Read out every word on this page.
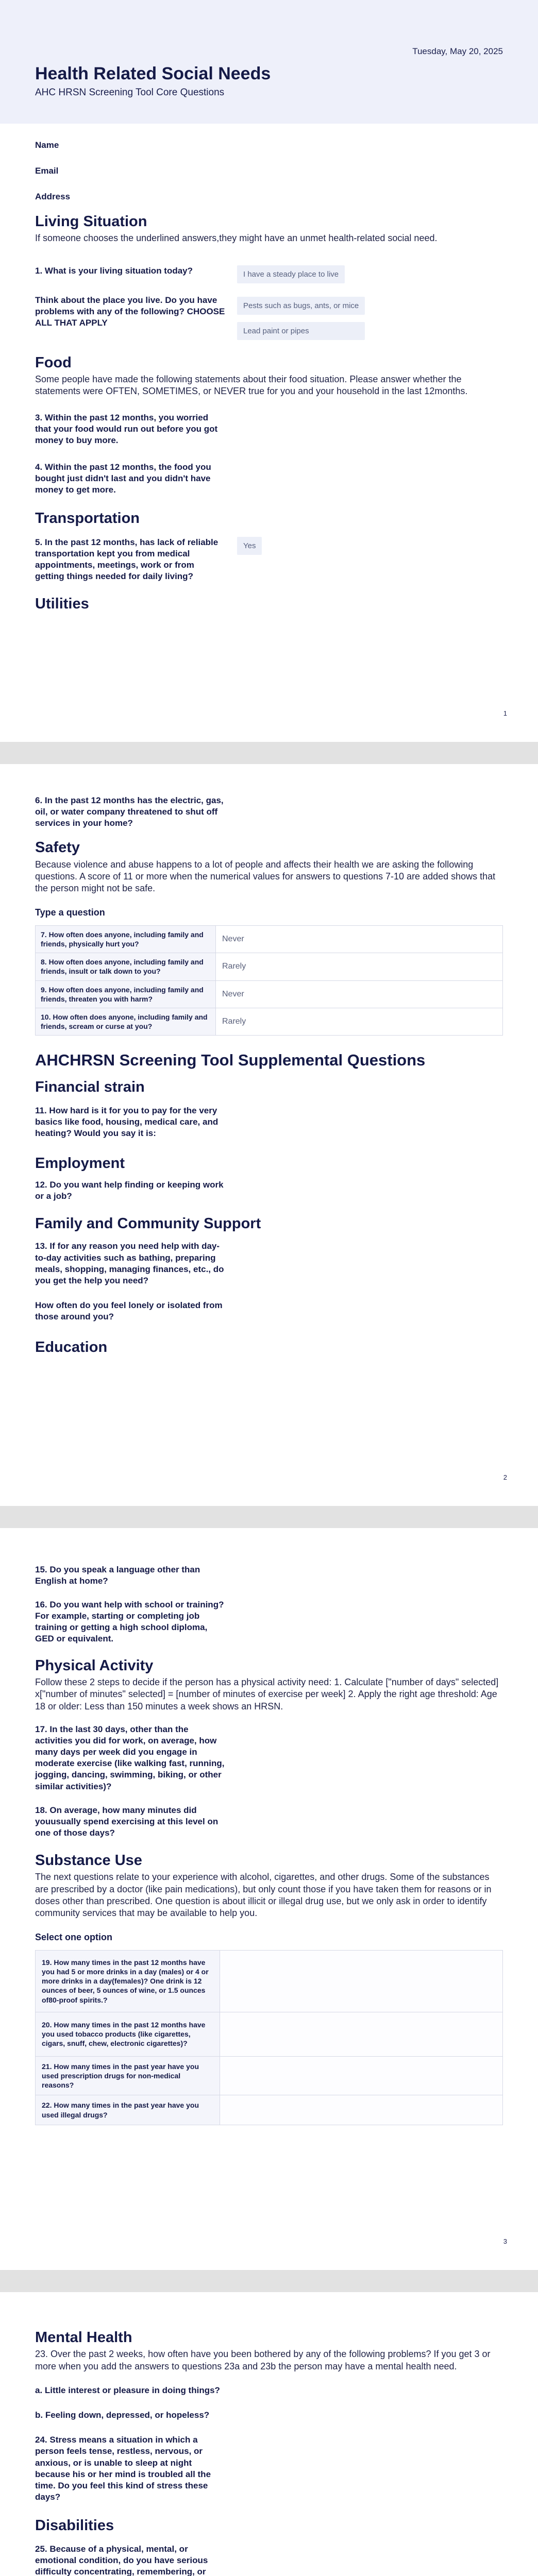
Tuesday, May 20, 2025
Health Related Social Needs
AHC HRSN Screening Tool Core Questions
Name
Email
Address
Living Situation

If someone chooses the underlined answers,they might have an unmet health-related social need.

1. What is your living situation today?	I have a steady place to live
Think about the place you live. Do you have problems with any of the following? CHOOSE ALL THAT APPLY
Pests such as bugs, ants, or mice
Lead paint or pipes
Food

Some people have made the following statements about their food situation. Please answer whether the statements were OFTEN, SOMETIMES, or NEVER true for you and your household in the last 12months.

3. Within the past 12 months, you worried that your food would run out before you got money to buy more.
4. Within the past 12 months, the food you bought just didn't last and you didn't have money to get more.
Transportation
5. In the past 12 months, has lack of reliable transportation kept you from medical appointments, meetings, work or from getting things needed for daily living?
Yes
Utilities
1
6. In the past 12 months has the electric, gas, oil, or water company threatened to shut off services in your home?
Safety

Because violence and abuse happens to a lot of people and affects their health we are asking the following questions. A score of 11 or more when the numerical values for answers to questions 7-10 are added shows that the person might not be safe.

Type a question
7. How often does anyone, including family and friends, physically hurt you?	Never
8. How often does anyone, including family and friends, insult or talk down to you?	Rarely
9. How often does anyone, including family and friends, threaten you with harm?	Never
10. How often does anyone, including family and friends, scream or curse at you?	Rarely
AHCHRSN Screening Tool Supplemental Questions
Financial strain
11. How hard is it for you to pay for the very basics like food, housing, medical care, and heating? Would you say it is:
Employment
12. Do you want help finding or keeping work or a job?
Family and Community Support
13. If for any reason you need help with day-to-day activities such as bathing, preparing meals, shopping, managing finances, etc., do you get the help you need?
How often do you feel lonely or isolated from those around you?
Education
2
15. Do you speak a language other than English at home?
16. Do you want help with school or training? For example, starting or completing job training or getting a high school diploma, GED or equivalent.
Physical Activity

Follow these 2 steps to decide if the person has a physical activity need: 1. Calculate ["number of days" selected] x["number of minutes" selected] = [number of minutes of exercise per week] 2. Apply the right age threshold: Age 18 or older: Less than 150 minutes a week shows an HRSN.

17. In the last 30 days, other than the activities you did for work, on average, how many days per week did you engage in moderate exercise (like walking fast, running, jogging, dancing, swimming, biking, or other similar activities)?
18. On average, how many minutes did youusually spend exercising at this level on one of those days?
Substance Use

The next questions relate to your experience with alcohol, cigarettes, and other drugs. Some of the substances are prescribed by a doctor (like pain medications), but only count those if you have taken them for reasons or in doses other than prescribed. One question is about illicit or illegal drug use, but we only ask in order to identify community services that may be available to help you.

Select one option
19. How many times in the past 12 months have you had 5 or more drinks in a day (males) or 4 or more drinks in a day(females)? One drink is 12 ounces of beer, 5 ounces of wine, or 1.5 ounces of80-proof spirits.?	
20. How many times in the past 12 months have you used tobacco products (like cigarettes, cigars, snuff, chew, electronic cigarettes)?	
21. How many times in the past year have you used prescription drugs for non-medical reasons?	
22. How many times in the past year have you used illegal drugs?	
3
Mental Health

23. Over the past 2 weeks, how often have you been bothered by any of the following problems? If you get 3 or more when you add the answers to questions 23a and 23b the person may have a mental health need.

a. Little interest or pleasure in doing things?
b. Feeling down, depressed, or hopeless?
24. Stress means a situation in which a person feels tense, restless, nervous, or anxious, or is unable to sleep at night because his or her mind is troubled all the time. Do you feel this kind of stress these days?
Disabilities
25. Because of a physical, mental, or emotional condition, do you have serious difficulty concentrating, remembering, or
